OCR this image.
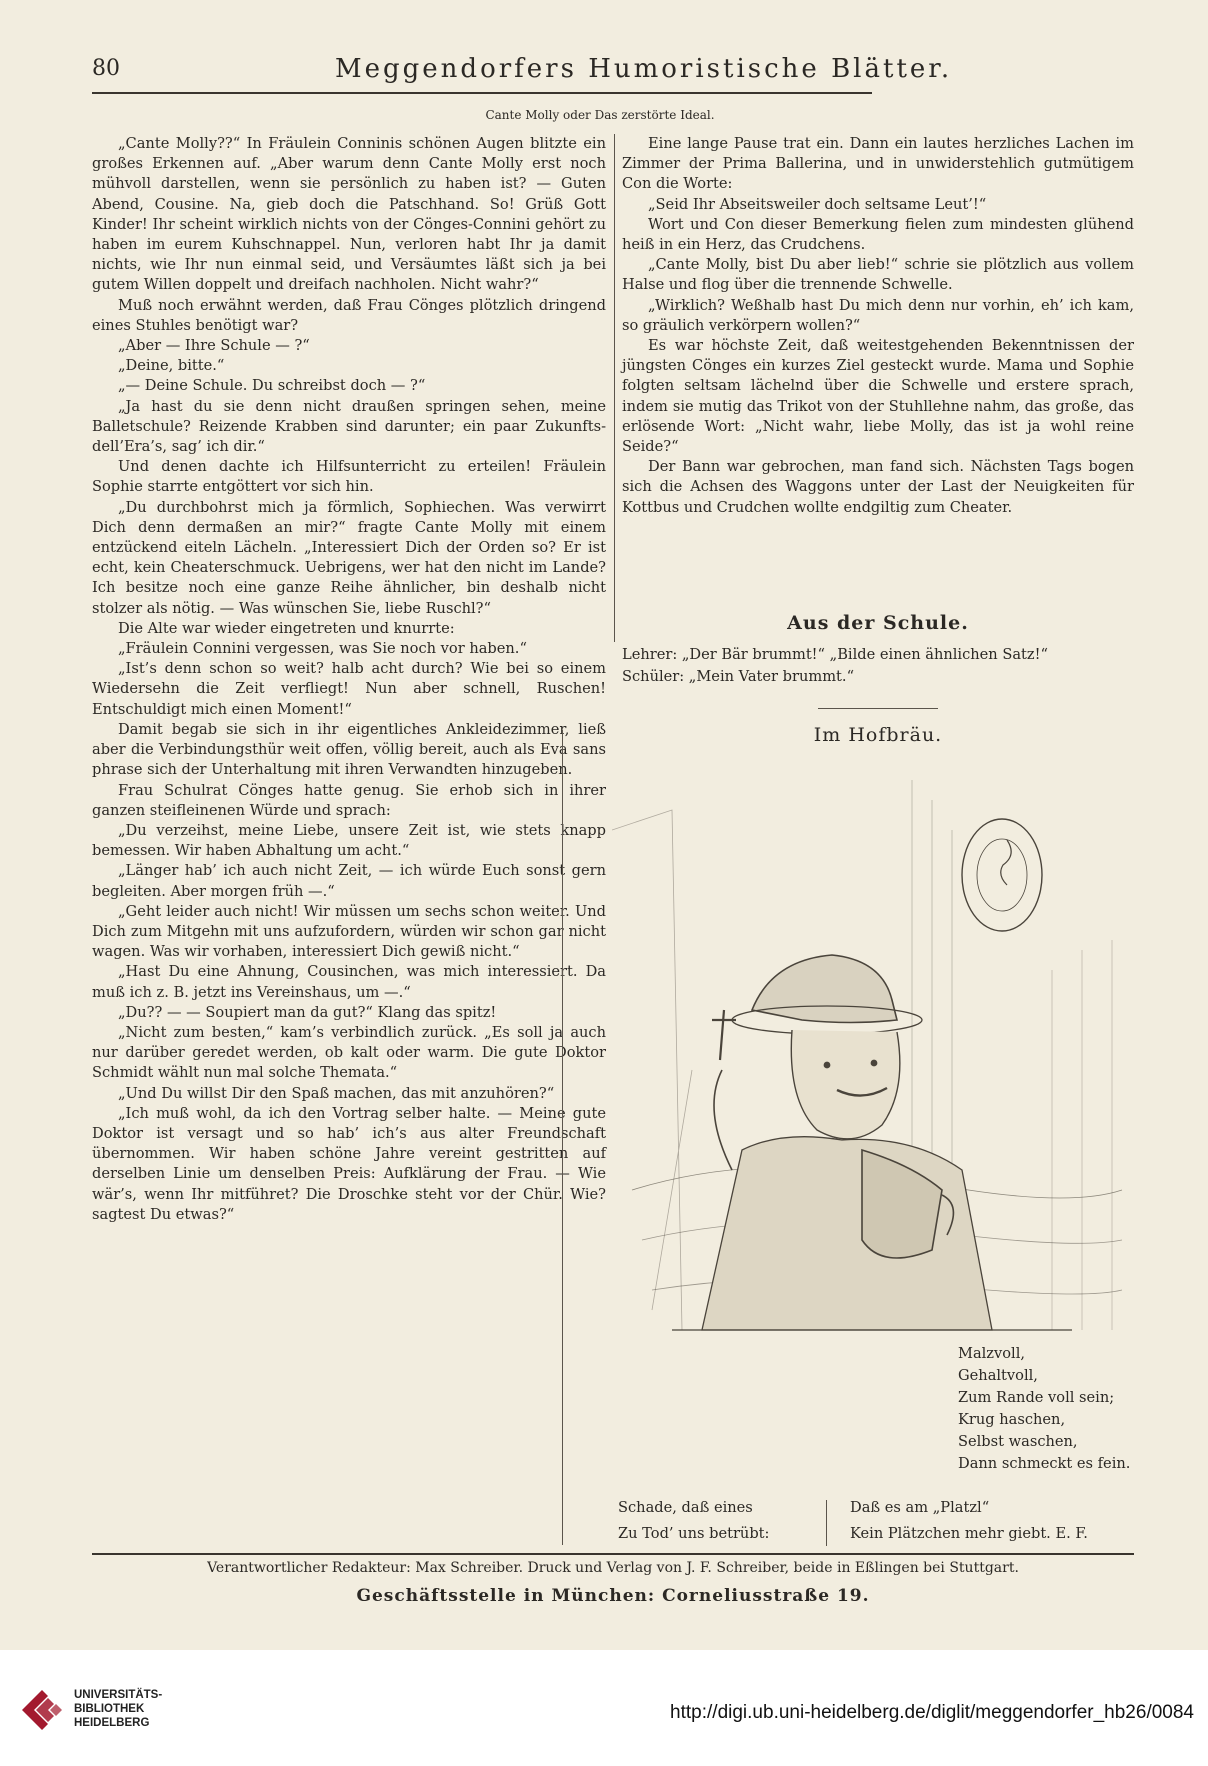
80	Meggendorfers Humoristische Blätter.
Cante Molly oder Das zerstörte Ideal.

„Cante Molly??“ In Fräulein Conninis schönen Augen blitzte ein großes Erkennen auf. „Aber warum denn Cante Molly erst noch mühvoll darstellen, wenn sie persönlich zu haben ist? — Guten Abend, Cousine. Na, gieb doch die Patschhand. So! Grüß Gott Kinder! Ihr scheint wirklich nichts von der Cönges-Connini gehört zu haben im eurem Kuhschnappel. Nun, verloren habt Ihr ja damit nichts, wie Ihr nun einmal seid, und Versäumtes läßt sich ja bei gutem Willen doppelt und dreifach nachholen. Nicht wahr?“

Muß noch erwähnt werden, daß Frau Cönges plötzlich dringend eines Stuhles benötigt war?

„Aber — Ihre Schule — ?“

„Deine, bitte.“

„— Deine Schule. Du schreibst doch — ?“

„Ja hast du sie denn nicht draußen springen sehen, meine Balletschule? Reizende Krabben sind darunter; ein paar Zukunfts- dell’Era’s, sag’ ich dir.“

Und denen dachte ich Hilfsunterricht zu erteilen! Fräulein Sophie starrte entgöttert vor sich hin.

„Du durchbohrst mich ja förmlich, Sophiechen. Was verwirrt Dich denn dermaßen an mir?“ fragte Cante Molly mit einem entzückend eiteln Lächeln. „Interessiert Dich der Orden so? Er ist echt, kein Cheaterschmuck. Uebrigens, wer hat den nicht im Lande? Ich besitze noch eine ganze Reihe ähnlicher, bin deshalb nicht stolzer als nötig. — Was wünschen Sie, liebe Ruschl?“

Die Alte war wieder eingetreten und knurrte:

„Fräulein Connini vergessen, was Sie noch vor haben.“

„Ist’s denn schon so weit? halb acht durch? Wie bei so einem Wiedersehn die Zeit verfliegt! Nun aber schnell, Ruschen! Entschuldigt mich einen Moment!“

Damit begab sie sich in ihr eigentliches Ankleidezimmer, ließ aber die Verbindungsthür weit offen, völlig bereit, auch als Eva sans phrase sich der Unterhaltung mit ihren Verwandten hinzugeben.

Frau Schulrat Cönges hatte genug. Sie erhob sich in ihrer ganzen steifleinenen Würde und sprach:

„Du verzeihst, meine Liebe, unsere Zeit ist, wie stets knapp bemessen. Wir haben Abhaltung um acht.“

„Länger hab’ ich auch nicht Zeit, — ich würde Euch sonst gern begleiten. Aber morgen früh —.“

„Geht leider auch nicht! Wir müssen um sechs schon weiter. Und Dich zum Mitgehn mit uns aufzufordern, würden wir schon gar nicht wagen. Was wir vorhaben, interessiert Dich gewiß nicht.“

„Hast Du eine Ahnung, Cousinchen, was mich interessiert. Da muß ich z. B. jetzt ins Vereinshaus, um —.“

„Du?? — — Soupiert man da gut?“ Klang das spitz!

„Nicht zum besten,“ kam’s verbindlich zurück. „Es soll ja auch nur darüber geredet werden, ob kalt oder warm. Die gute Doktor Schmidt wählt nun mal solche Themata.“

„Und Du willst Dir den Spaß machen, das mit anzuhören?“

„Ich muß wohl, da ich den Vortrag selber halte. — Meine gute Doktor ist versagt und so hab’ ich’s aus alter Freundschaft übernommen. Wir haben schöne Jahre vereint gestritten auf derselben Linie um denselben Preis: Aufklärung der Frau. — Wie wär’s, wenn Ihr mitführet? Die Droschke steht vor der Chür. Wie? sagtest Du etwas?“

Eine lange Pause trat ein. Dann ein lautes herzliches Lachen im Zimmer der Prima Ballerina, und in unwiderstehlich gutmütigem Con die Worte:

„Seid Ihr Abseitsweiler doch seltsame Leut’!“

Wort und Con dieser Bemerkung fielen zum mindesten glühend heiß in ein Herz, das Crudchens.

„Cante Molly, bist Du aber lieb!“ schrie sie plötzlich aus vollem Halse und flog über die trennende Schwelle.

„Wirklich? Weßhalb hast Du mich denn nur vorhin, eh’ ich kam, so gräulich verkörpern wollen?“

Es war höchste Zeit, daß weitestgehenden Bekenntnissen der jüngsten Cönges ein kurzes Ziel gesteckt wurde. Mama und Sophie folgten seltsam lächelnd über die Schwelle und erstere sprach, indem sie mutig das Trikot von der Stuhllehne nahm, das große, das erlösende Wort: „Nicht wahr, liebe Molly, das ist ja wohl reine Seide?“

Der Bann war gebrochen, man fand sich. Nächsten Tags bogen sich die Achsen des Waggons unter der Last der Neuigkeiten für Kottbus und Crudchen wollte endgiltig zum Cheater.

Aus der Schule.
Lehrer: „Der Bär brummt!“ „Bilde einen ähnlichen Satz!“
Schüler: „Mein Vater brummt.“
Im Hofbräu.
Malzvoll,
Gehaltvoll,
Zum Rande voll sein;
Krug haschen,
Selbst waschen,
Dann schmeckt es fein.
Schade, daß eines
Zu Tod’ uns betrübt:
Daß es am „Platzl“
Kein Plätzchen mehr giebt. E. F.
Verantwortlicher Redakteur: Max Schreiber. Druck und Verlag von J. F. Schreiber, beide in Eßlingen bei Stuttgart.
Geschäftsstelle in München: Corneliusstraße 19.
UNIVERSITÄTS-
BIBLIOTHEK
HEIDELBERG	http://digi.ub.uni-heidelberg.de/diglit/meggendorfer_hb26/0084
